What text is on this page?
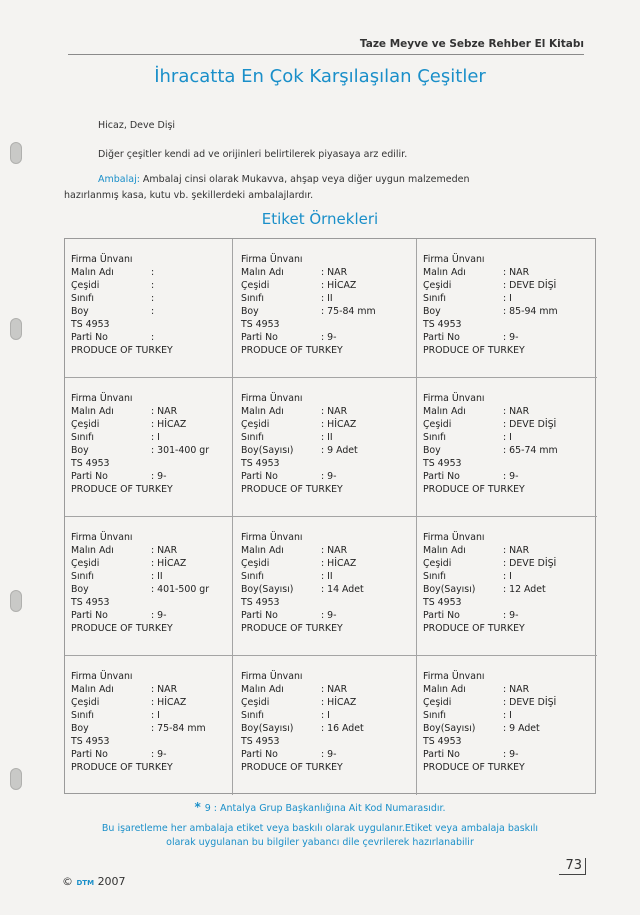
Taze Meyve ve Sebze Rehber El Kitabı
İhracatta En Çok Karşılaşılan Çeşitler
Hicaz, Deve Dişi
Diğer çeşitler kendi ad ve orijinleri belirtilerek piyasaya arz edilir.
Ambalaj: Ambalaj cinsi olarak Mukavva, ahşap veya diğer uygun malzemeden
hazırlanmış kasa, kutu vb. şekillerdeki ambalajlardır.
Etiket Örnekleri
Firma Ünvanı
Malın Adı	:
Çeşidi	:
Sınıfı	:
Boy	:
TS 4953
Parti No	:
PRODUCE OF TURKEY
Firma Ünvanı
Malın Adı	: NAR
Çeşidi	: HİCAZ
Sınıfı	: II
Boy	: 75-84 mm
TS 4953
Parti No	: 9-
PRODUCE OF TURKEY
Firma Ünvanı
Malın Adı	: NAR
Çeşidi	: DEVE DİŞİ
Sınıfı	: I
Boy	: 85-94 mm
TS 4953
Parti No	: 9-
PRODUCE OF TURKEY
Firma Ünvanı
Malın Adı	: NAR
Çeşidi	: HİCAZ
Sınıfı	: I
Boy	: 301-400 gr
TS 4953
Parti No	: 9-
PRODUCE OF TURKEY
Firma Ünvanı
Malın Adı	: NAR
Çeşidi	: HİCAZ
Sınıfı	: II
Boy(Sayısı)	: 9 Adet
TS 4953
Parti No	: 9-
PRODUCE OF TURKEY
Firma Ünvanı
Malın Adı	: NAR
Çeşidi	: DEVE DİŞİ
Sınıfı	: I
Boy	: 65-74 mm
TS 4953
Parti No	: 9-
PRODUCE OF TURKEY
Firma Ünvanı
Malın Adı	: NAR
Çeşidi	: HİCAZ
Sınıfı	: II
Boy	: 401-500 gr
TS 4953
Parti No	: 9-
PRODUCE OF TURKEY
Firma Ünvanı
Malın Adı	: NAR
Çeşidi	: HİCAZ
Sınıfı	: II
Boy(Sayısı)	: 14 Adet
TS 4953
Parti No	: 9-
PRODUCE OF TURKEY
Firma Ünvanı
Malın Adı	: NAR
Çeşidi	: DEVE DİŞİ
Sınıfı	: I
Boy(Sayısı)	: 12 Adet
TS 4953
Parti No	: 9-
PRODUCE OF TURKEY
Firma Ünvanı
Malın Adı	: NAR
Çeşidi	: HİCAZ
Sınıfı	: I
Boy	: 75-84 mm
TS 4953
Parti No	: 9-
PRODUCE OF TURKEY
Firma Ünvanı
Malın Adı	: NAR
Çeşidi	: HİCAZ
Sınıfı	: I
Boy(Sayısı)	: 16 Adet
TS 4953
Parti No	: 9-
PRODUCE OF TURKEY
Firma Ünvanı
Malın Adı	: NAR
Çeşidi	: DEVE DİŞİ
Sınıfı	: I
Boy(Sayısı)	: 9 Adet
TS 4953
Parti No	: 9-
PRODUCE OF TURKEY
* 9 : Antalya Grup Başkanlığına Ait Kod Numarasıdır.
Bu işaretleme her ambalaja etiket veya baskılı olarak uygulanır.Etiket veya ambalaja baskılı
olarak uygulanan bu bilgiler yabancı dile çevrilerek hazırlanabilir
© DTM 2007
73
